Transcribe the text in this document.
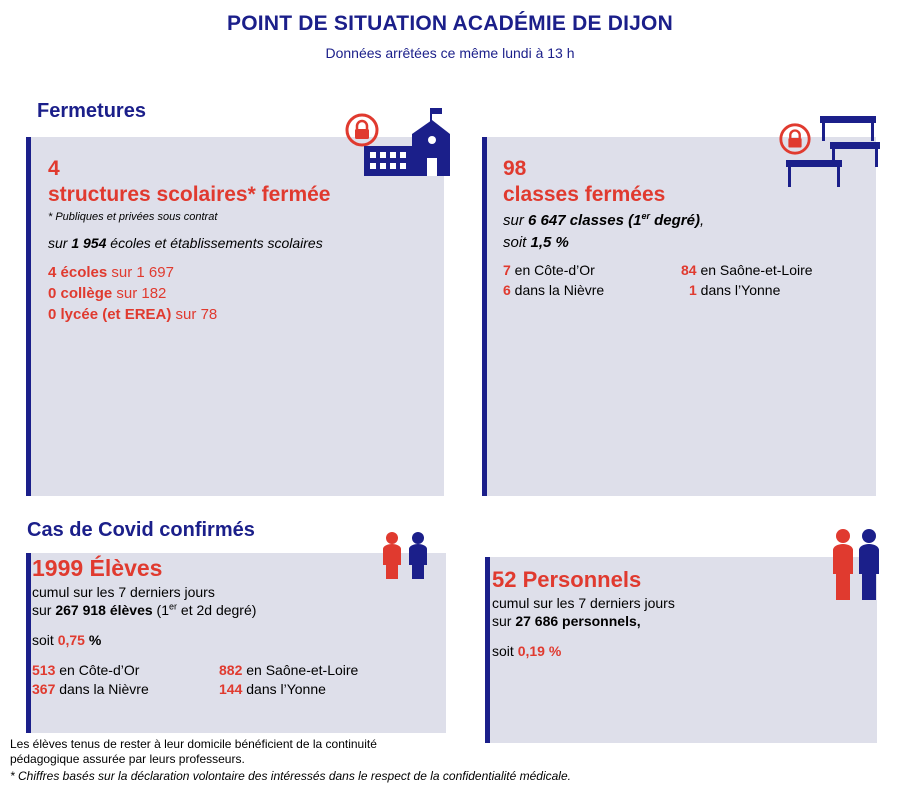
POINT DE SITUATION ACADÉMIE DE DIJON
Données arrêtées ce même lundi à 13 h
Fermetures
4
structures scolaires* fermée
* Publiques et privées sous contrat
sur 1 954 écoles et établissements scolaires
4 écoles sur 1 697
0 collège sur 182
0 lycée (et EREA) sur 78
98
classes fermées
sur 6 647 classes (1er degré),
soit 1,5 %
7 en Côte-d’Or	84 en Saône-et-Loire
6 dans la Nièvre	1 dans l’Yonne
Cas de Covid confirmés
1999 Élèves
cumul sur les 7 derniers jours
sur 267 918 élèves (1er et 2d degré)
soit 0,75 %
513 en Côte-d’Or	882 en Saône-et-Loire
367 dans la Nièvre	144 dans l’Yonne
52 Personnels
cumul sur les 7 derniers jours
sur 27 686 personnels,
soit 0,19 %
Les élèves tenus de rester à leur domicile bénéficient de la continuité
pédagogique assurée par leurs professeurs.
* Chiffres basés sur la déclaration volontaire des intéressés dans le respect de la confidentialité médicale.
